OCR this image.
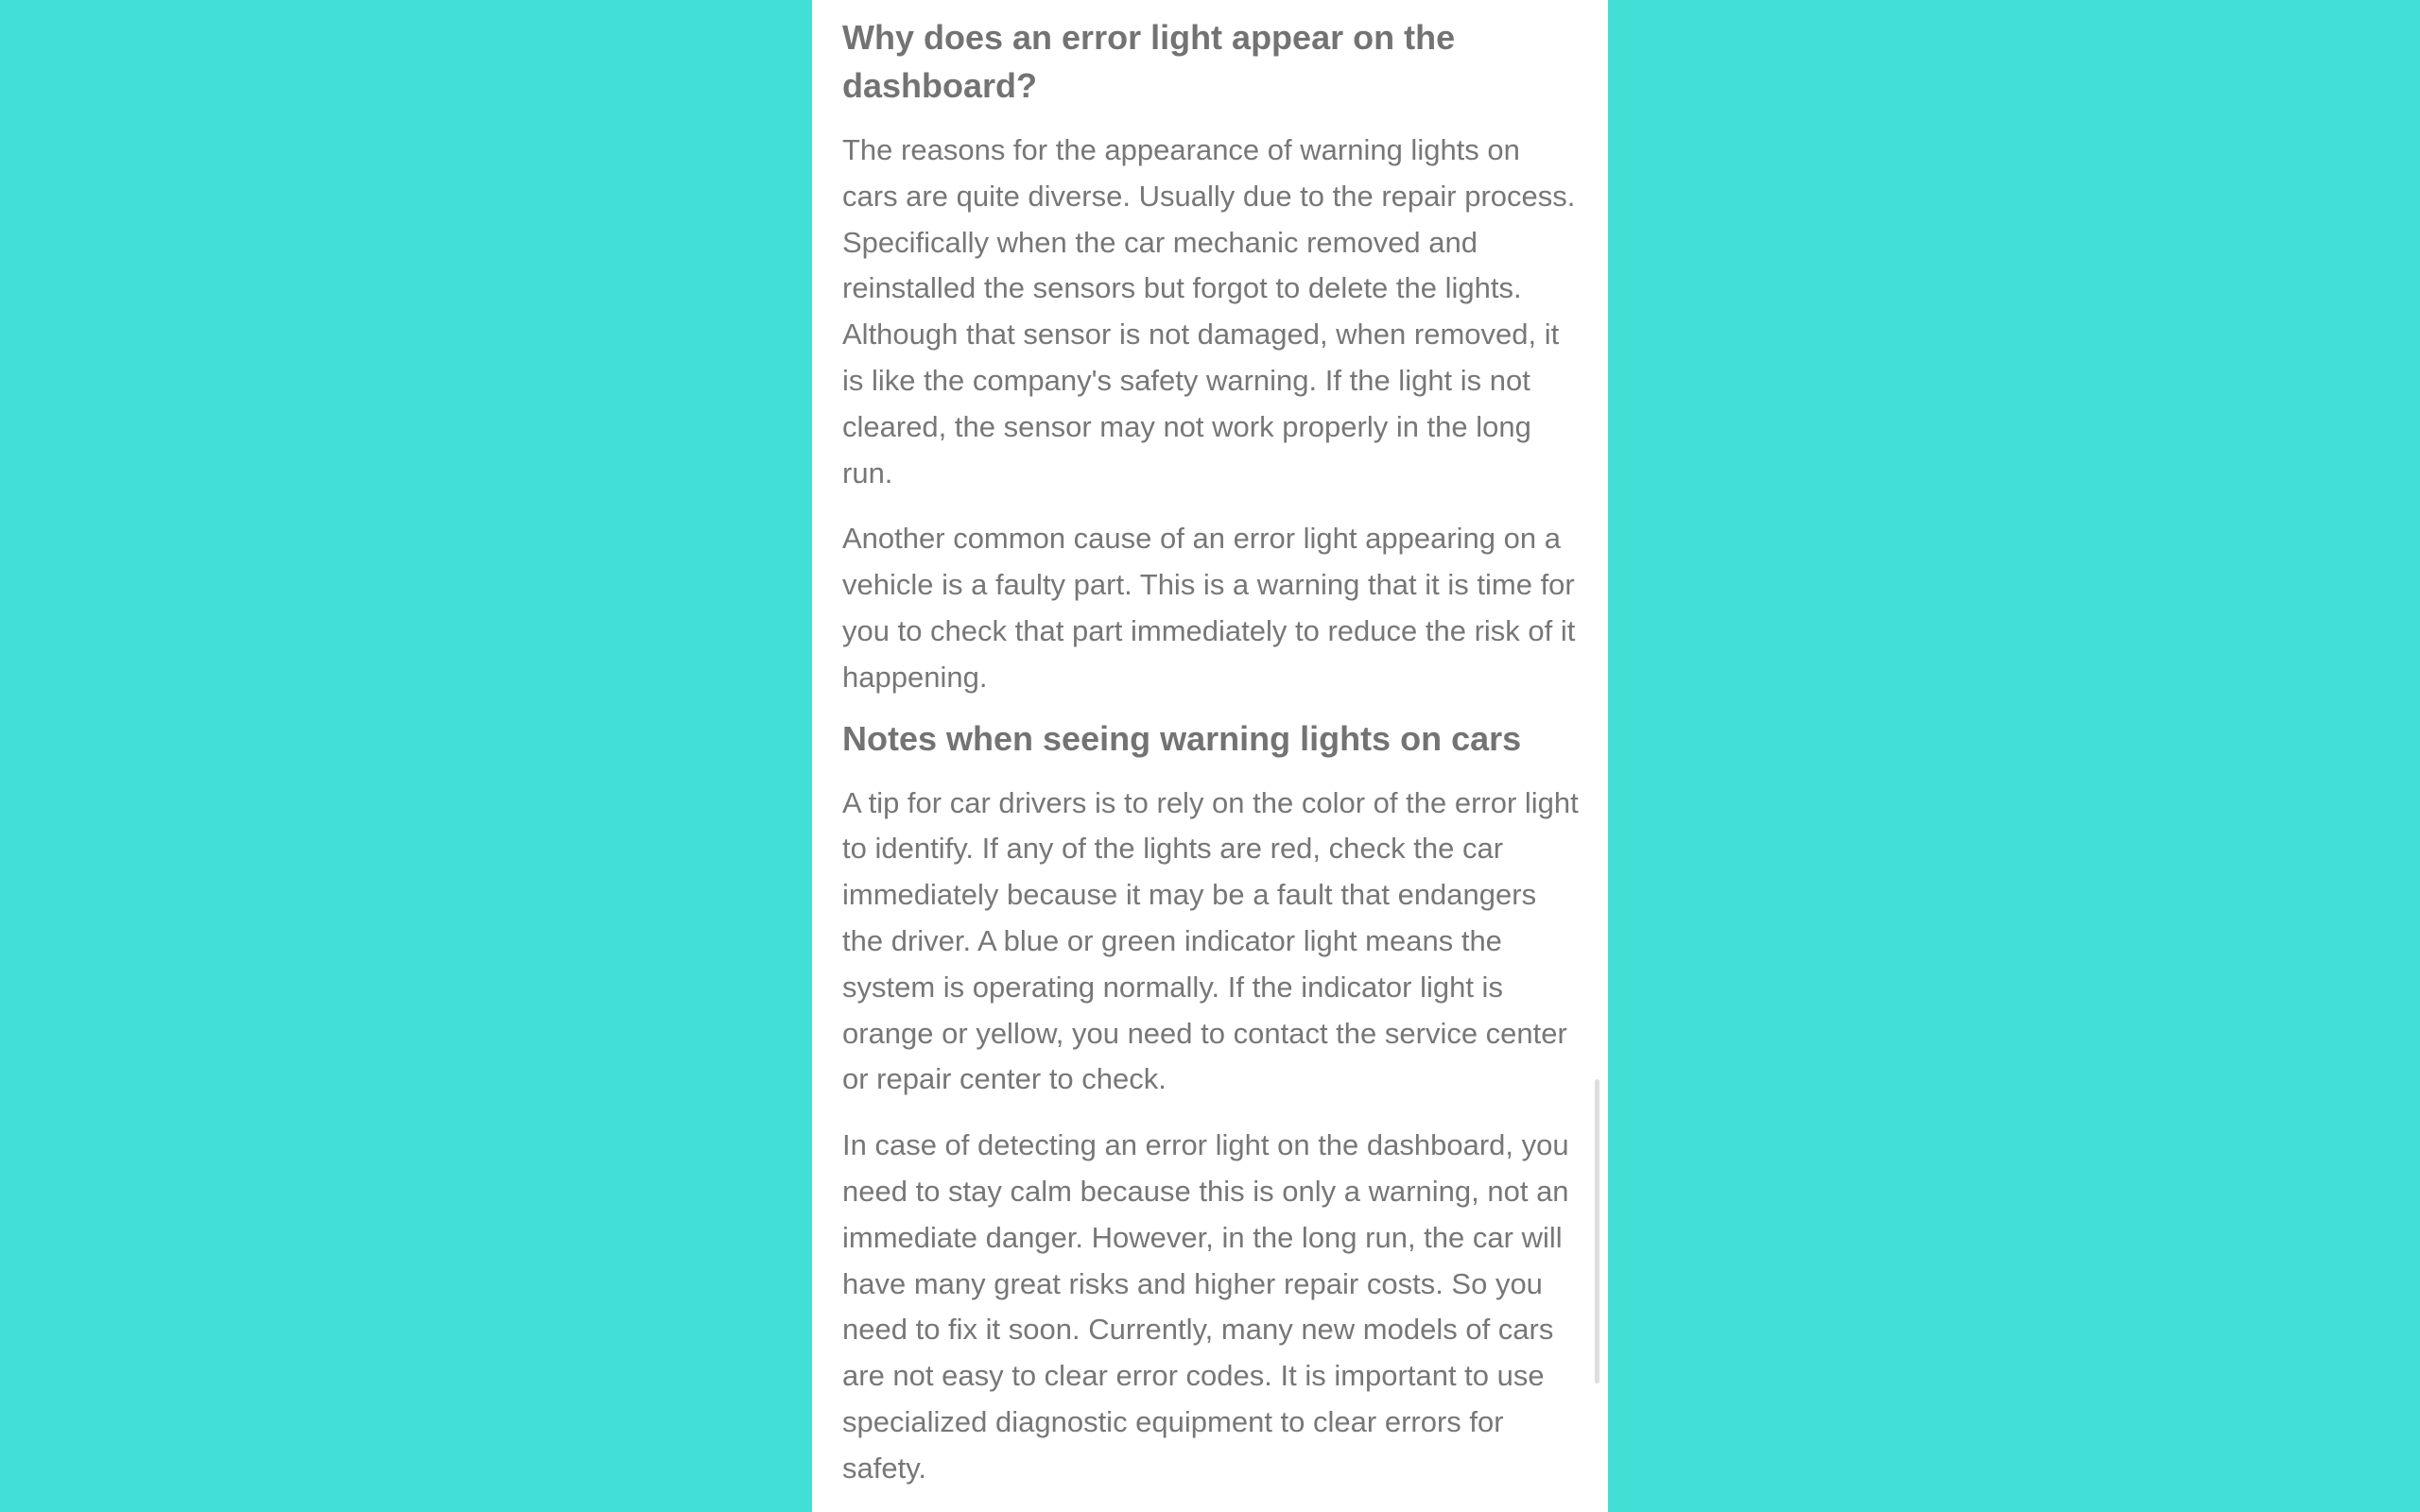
Why does an error light appear on the dashboard?

The reasons for the appearance of warning lights on cars are quite diverse. Usually due to the repair process. Specifically when the car mechanic removed and reinstalled the sensors but forgot to delete the lights. Although that sensor is not damaged, when removed, it is like the company's safety warning. If the light is not cleared, the sensor may not work properly in the long run.

Another common cause of an error light appearing on a vehicle is a faulty part. This is a warning that it is time for you to check that part immediately to reduce the risk of it happening.

Notes when seeing warning lights on cars

A tip for car drivers is to rely on the color of the error light to identify. If any of the lights are red, check the car immediately because it may be a fault that endangers the driver. A blue or green indicator light means the system is operating normally. If the indicator light is orange or yellow, you need to contact the service center or repair center to check.

In case of detecting an error light on the dashboard, you need to stay calm because this is only a warning, not an immediate danger. However, in the long run, the car will have many great risks and higher repair costs. So you need to fix it soon. Currently, many new models of cars are not easy to clear error codes. It is important to use specialized diagnostic equipment to clear errors for safety.
